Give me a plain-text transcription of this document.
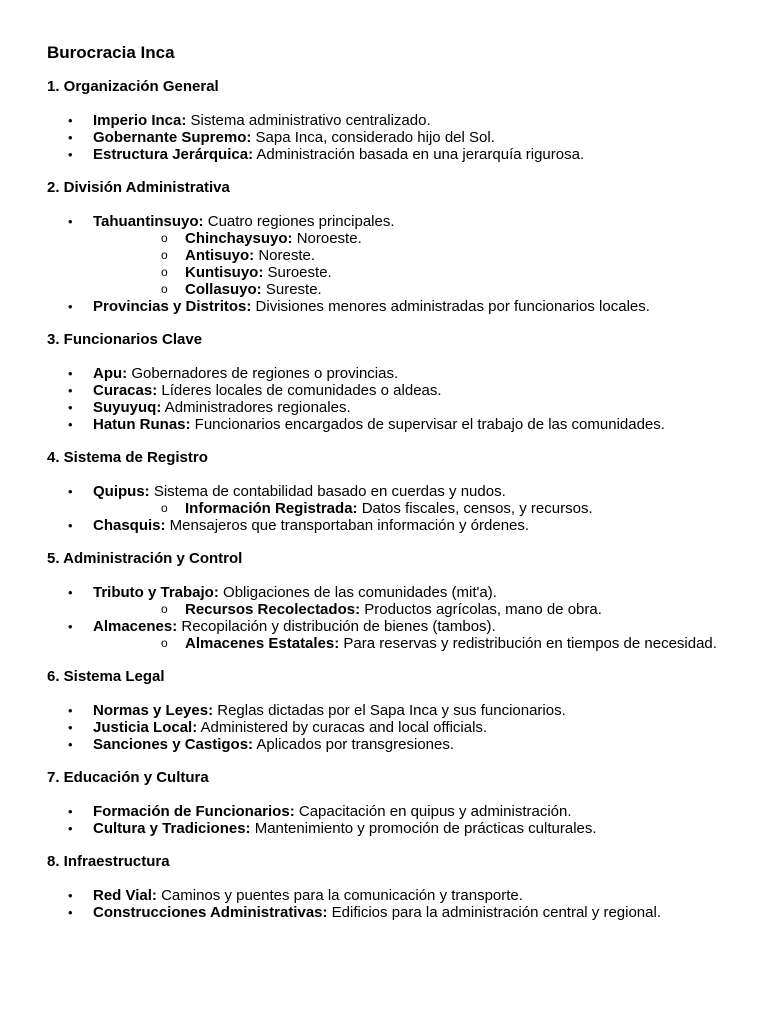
Burocracia Inca
1. Organización General
• Imperio Inca: Sistema administrativo centralizado.
• Gobernante Supremo: Sapa Inca, considerado hijo del Sol.
• Estructura Jerárquica: Administración basada en una jerarquía rigurosa.
2. División Administrativa
• Tahuantinsuyo: Cuatro regiones principales.
o Chinchaysuyo: Noroeste.
o Antisuyo: Noreste.
o Kuntisuyo: Suroeste.
o Collasuyo: Sureste.
• Provincias y Distritos: Divisiones menores administradas por funcionarios locales.
3. Funcionarios Clave
• Apu: Gobernadores de regiones o provincias.
• Curacas: Líderes locales de comunidades o aldeas.
• Suyuyuq: Administradores regionales.
• Hatun Runas: Funcionarios encargados de supervisar el trabajo de las comunidades.
4. Sistema de Registro
• Quipus: Sistema de contabilidad basado en cuerdas y nudos.
o Información Registrada: Datos fiscales, censos, y recursos.
• Chasquis: Mensajeros que transportaban información y órdenes.
5. Administración y Control
• Tributo y Trabajo: Obligaciones de las comunidades (mit'a).
o Recursos Recolectados: Productos agrícolas, mano de obra.
• Almacenes: Recopilación y distribución de bienes (tambos).
o Almacenes Estatales: Para reservas y redistribución en tiempos de necesidad.
6. Sistema Legal
• Normas y Leyes: Reglas dictadas por el Sapa Inca y sus funcionarios.
• Justicia Local: Administered by curacas and local officials.
• Sanciones y Castigos: Aplicados por transgresiones.
7. Educación y Cultura
• Formación de Funcionarios: Capacitación en quipus y administración.
• Cultura y Tradiciones: Mantenimiento y promoción de prácticas culturales.
8. Infraestructura
• Red Vial: Caminos y puentes para la comunicación y transporte.
• Construcciones Administrativas: Edificios para la administración central y regional.
